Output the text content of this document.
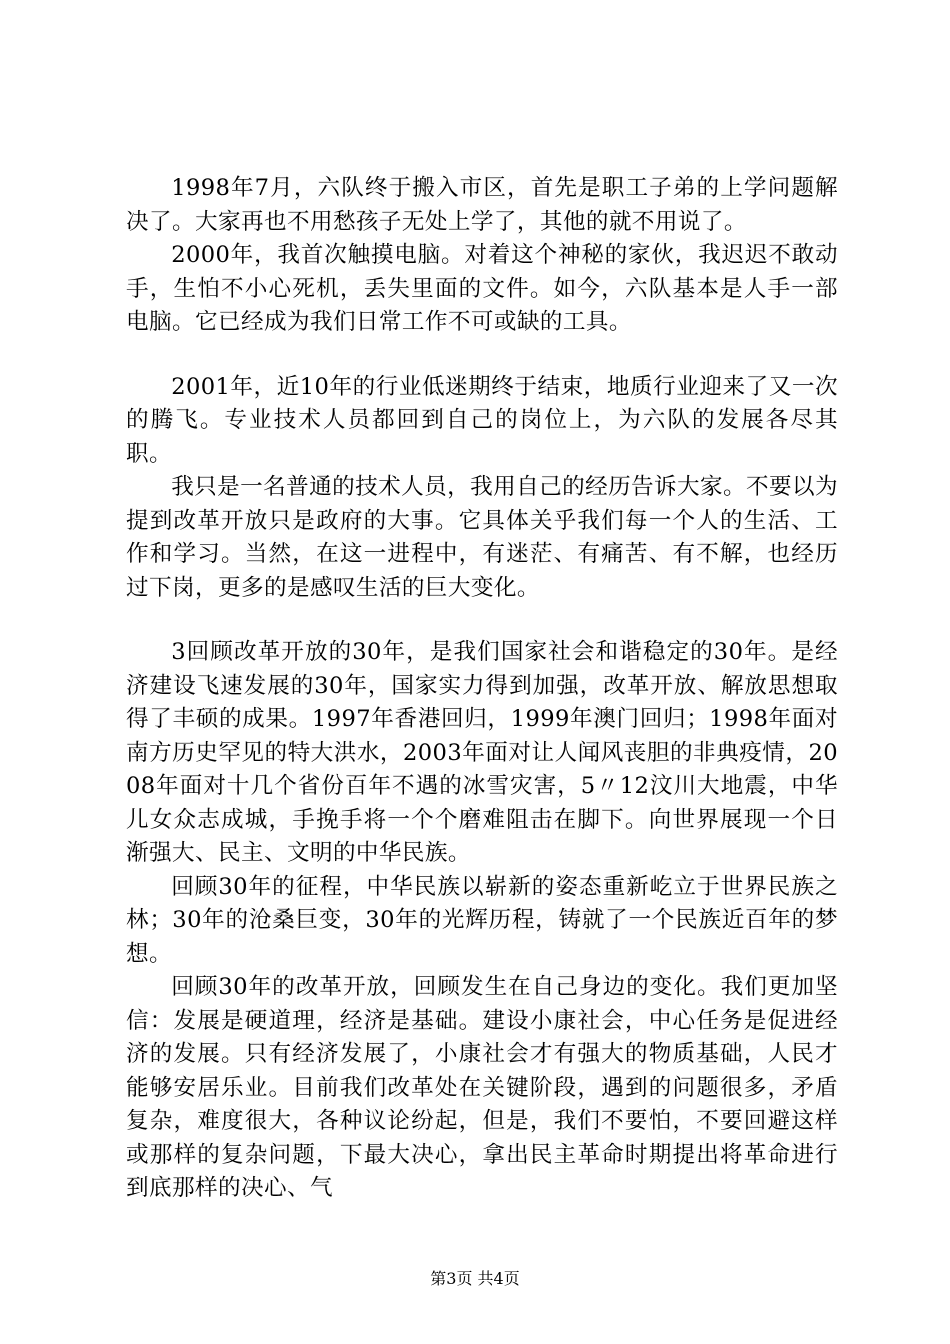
1998年7月，六队终于搬入市区，首先是职工子弟的上学问题解决了。大家再也不用愁孩子无处上学了，其他的就不用说了。

2000年，我首次触摸电脑。对着这个神秘的家伙，我迟迟不敢动手，生怕不小心死机，丢失里面的文件。如今，六队基本是人手一部电脑。它已经成为我们日常工作不可或缺的工具。

2001年，近10年的行业低迷期终于结束，地质行业迎来了又一次的腾飞。专业技术人员都回到自己的岗位上，为六队的发展各尽其职。

我只是一名普通的技术人员，我用自己的经历告诉大家。不要以为提到改革开放只是政府的大事。它具体关乎我们每一个人的生活、工作和学习。当然，在这一进程中，有迷茫、有痛苦、有不解，也经历过下岗，更多的是感叹生活的巨大变化。

3回顾改革开放的30年，是我们国家社会和谐稳定的30年。是经济建设飞速发展的30年，国家实力得到加强，改革开放、解放思想取得了丰硕的成果。1997年香港回归，1999年澳门回归；1998年面对南方历史罕见的特大洪水，2003年面对让人闻风丧胆的非典疫情，2008年面对十几个省份百年不遇的冰雪灾害，5〃12汶川大地震，中华儿女众志成城，手挽手将一个个磨难阻击在脚下。向世界展现一个日渐强大、民主、文明的中华民族。

回顾30年的征程，中华民族以崭新的姿态重新屹立于世界民族之林；30年的沧桑巨变，30年的光辉历程，铸就了一个民族近百年的梦想。

回顾30年的改革开放，回顾发生在自己身边的变化。我们更加坚信：发展是硬道理，经济是基础。建设小康社会，中心任务是促进经济的发展。只有经济发展了，小康社会才有强大的物质基础，人民才能够安居乐业。目前我们改革处在关键阶段，遇到的问题很多，矛盾复杂，难度很大，各种议论纷起，但是，我们不要怕，不要回避这样或那样的复杂问题，下最大决心，拿出民主革命时期提出将革命进行到底那样的决心、气

第3页 共4页
